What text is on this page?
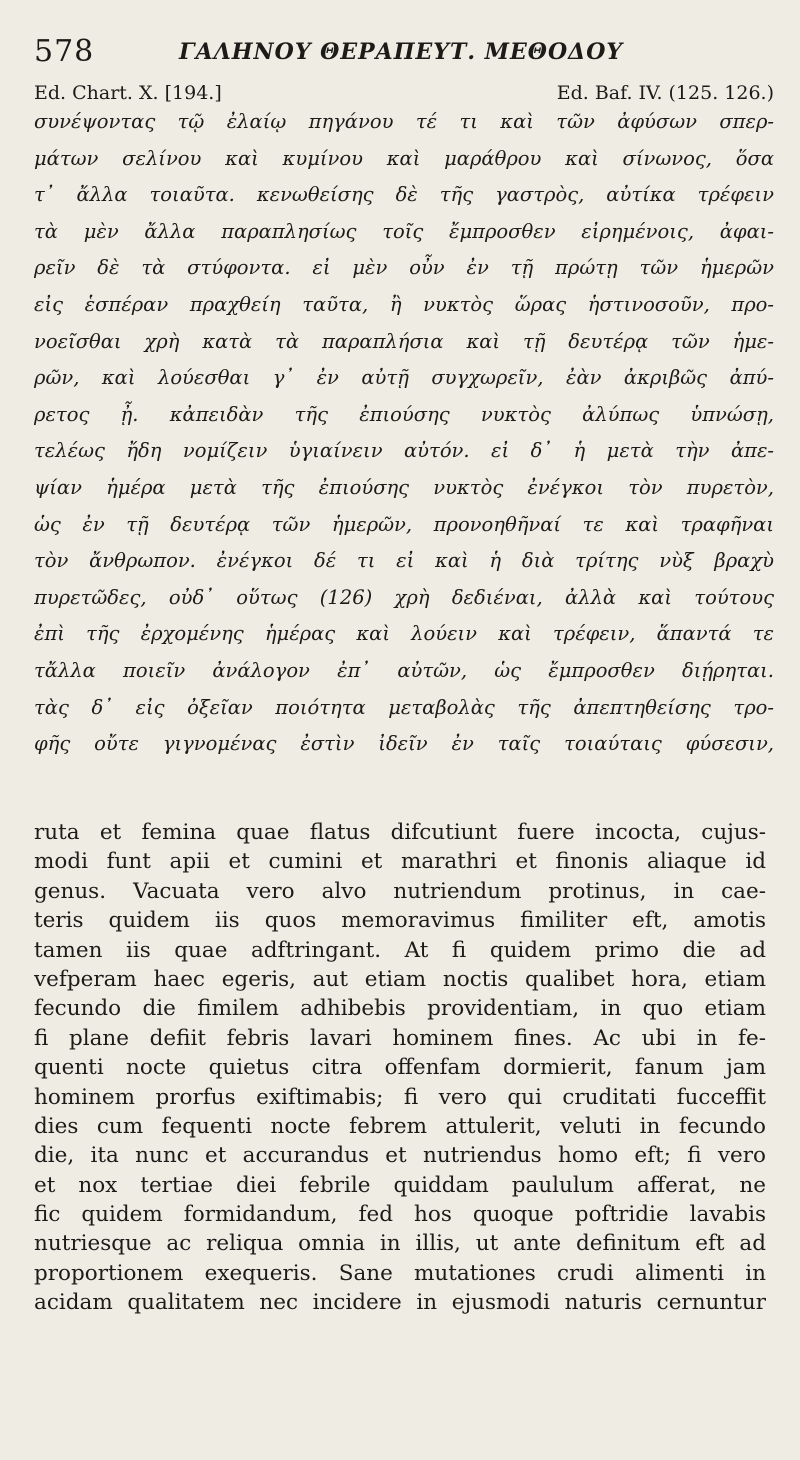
578	ΓΑΛΗΝΟΥ ΘΕΡΑΠΕΥΤ. ΜΕΘΟΔΟΥ
Ed. Chart. X. [194.]	Ed. Baf. IV. (125. 126.)
συνέψοντας τῷ ἐλαίῳ πηγάνου τέ τι καὶ τῶν ἀφύσων σπερ-
μάτων σελίνου καὶ κυμίνου καὶ μαράθρου καὶ σίνωνος, ὅσα
τ᾽ ἄλλα τοιαῦτα. κενωθείσης δὲ τῆς γαστρὸς, αὐτίκα τρέφειν
τὰ μὲν ἄλλα παραπλησίως τοῖς ἔμπροσθεν εἰρημένοις, ἀφαι-
ρεῖν δὲ τὰ στύφοντα. εἰ μὲν οὖν ἐν τῇ πρώτῃ τῶν ἡμερῶν
εἰς ἑσπέραν πραχθείη ταῦτα, ἢ νυκτὸς ὥρας ἡστινοσοῦν, προ-
νοεῖσθαι χρὴ κατὰ τὰ παραπλήσια καὶ τῇ δευτέρᾳ τῶν ἡμε-
ρῶν, καὶ λούεσθαι γ᾽ ἐν αὐτῇ συγχωρεῖν, ἐὰν ἀκριβῶς ἀπύ-
ρετος ᾖ. κἀπειδὰν τῆς ἐπιούσης νυκτὸς ἀλύπως ὑπνώσῃ,
τελέως ἤδη νομίζειν ὑγιαίνειν αὐτόν. εἰ δ᾽ ἡ μετὰ τὴν ἀπε-
ψίαν ἡμέρα μετὰ τῆς ἐπιούσης νυκτὸς ἐνέγκοι τὸν πυρετὸν,
ὡς ἐν τῇ δευτέρᾳ τῶν ἡμερῶν, προνοηθῆναί τε καὶ τραφῆναι
τὸν ἄνθρωπον. ἐνέγκοι δέ τι εἰ καὶ ἡ διὰ τρίτης νὺξ βραχὺ
πυρετῶδες, οὐδ᾽ οὕτως (126) χρὴ δεδιέναι, ἀλλὰ καὶ τούτους
ἐπὶ τῆς ἐρχομένης ἡμέρας καὶ λούειν καὶ τρέφειν, ἅπαντά τε
τἄλλα ποιεῖν ἀνάλογον ἐπ᾽ αὐτῶν, ὡς ἔμπροσθεν διῄρηται.
τὰς δ᾽ εἰς ὀξεῖαν ποιότητα μεταβολὰς τῆς ἀπεπτηθείσης τρο-
φῆς οὔτε γιγνομένας ἐστὶν ἰδεῖν ἐν ταῖς τοιαύταις φύσεσιν,
ruta et femina quae flatus difcutiunt fuere incocta, cujus-
modi funt apii et cumini et marathri et finonis aliaque id
genus. Vacuata vero alvo nutriendum protinus, in cae-
teris quidem iis quos memoravimus fimiliter eft, amotis
tamen iis quae adftringant. At fi quidem primo die ad
vefperam haec egeris, aut etiam noctis qualibet hora, etiam
fecundo die fimilem adhibebis providentiam, in quo etiam
fi plane defiit febris lavari hominem fines. Ac ubi in fe-
quenti nocte quietus citra offenfam dormierit, fanum jam
hominem prorfus exiftimabis; fi vero qui cruditati fucceffit
dies cum fequenti nocte febrem attulerit, veluti in fecundo
die, ita nunc et accurandus et nutriendus homo eft; fi vero
et nox tertiae diei febrile quiddam paululum afferat, ne
fic quidem formidandum, fed hos quoque poftridie lavabis
nutriesque ac reliqua omnia in illis, ut ante definitum eft ad
proportionem exequeris. Sane mutationes crudi alimenti in
acidam qualitatem nec incidere in ejusmodi naturis cernuntur
